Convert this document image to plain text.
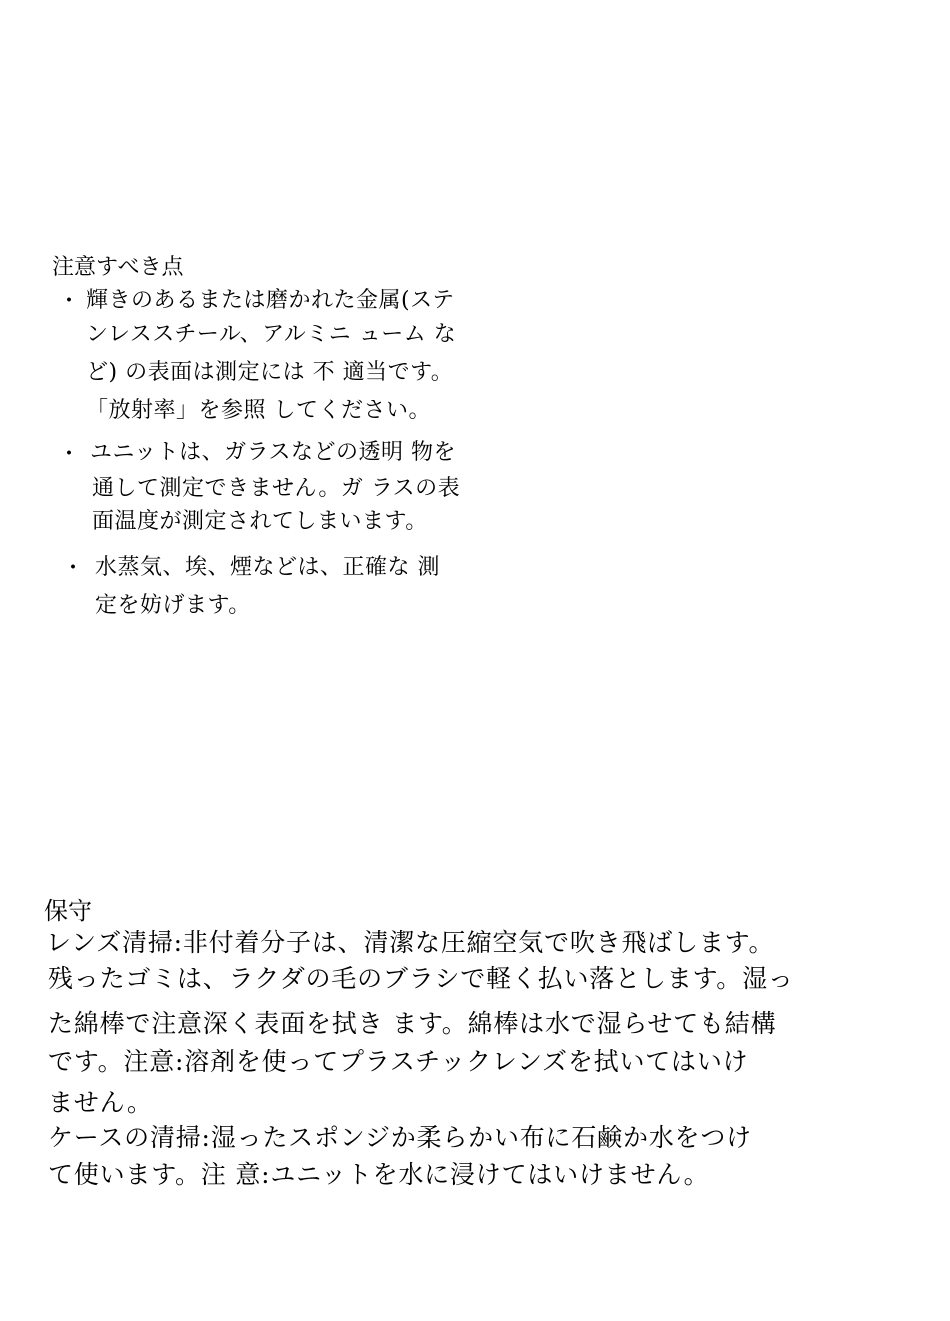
注意すべき点
・ 輝きのあるまたは磨かれた金属(ステ
ンレススチール、アルミニ ューム な
ど) の表面は測定には 不 適当です。
「放射率」を参照 してください。
・ ユニットは、ガラスなどの透明 物を
通して測定できません。ガ ラスの表
面温度が測定されてしまいます。
・ 水蒸気、埃、煙などは、正確な 測
定を妨げます。
保守
レンズ清掃:非付着分子は、清潔な圧縮空気で吹き飛ばします。
残ったゴミは、ラクダの毛のブラシで軽く払い落とします。湿っ
た綿棒で注意深く表面を拭き ます。綿棒は水で湿らせても結構
です。注意:溶剤を使ってプラスチックレンズを拭いてはいけ
ません。
ケースの清掃:湿ったスポンジか柔らかい布に石鹸か水をつけ
て使います。注 意:ユニットを水に浸けてはいけません。
